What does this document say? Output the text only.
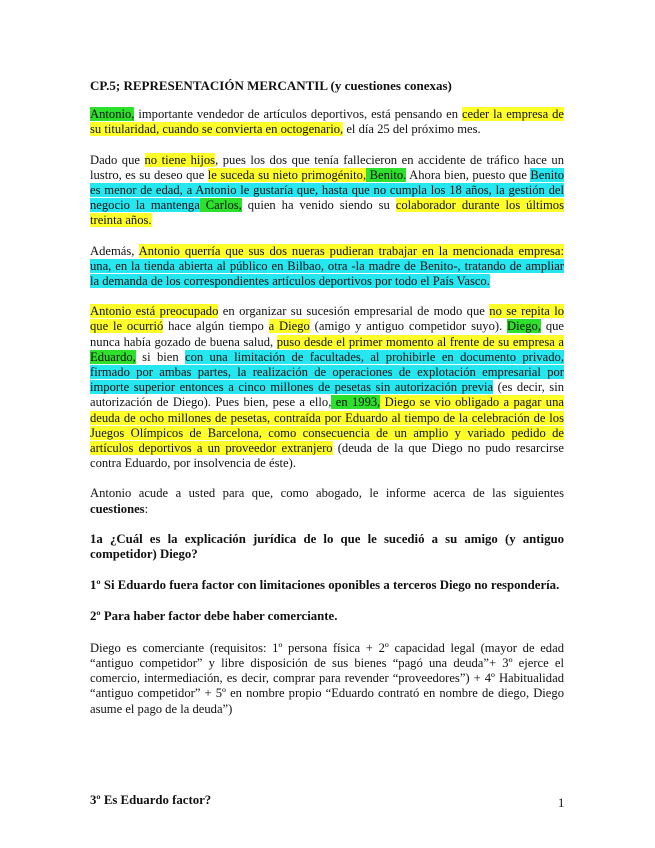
CP.5; REPRESENTACIÓN MERCANTIL (y cuestiones conexas)

Antonio, importante vendedor de artículos deportivos, está pensando en ceder la empresa de su titularidad, cuando se convierta en octogenario, el día 25 del próximo mes.

Dado que no tiene hijos, pues los dos que tenía fallecieron en accidente de tráfico hace un lustro, es su deseo que le suceda su nieto primogénito, Benito. Ahora bien, puesto que Benito es menor de edad, a Antonio le gustaría que, hasta que no cumpla los 18 años, la gestión del negocio la mantenga Carlos, quien ha venido siendo su colaborador durante los últimos treinta años.

Además, Antonio querría que sus dos nueras pudieran trabajar en la mencionada empresa: una, en la tienda abierta al público en Bilbao, otra -la madre de Benito-, tratando de ampliar la demanda de los correspondientes artículos deportivos por todo el País Vasco.

Antonio está preocupado en organizar su sucesión empresarial de modo que no se repita lo que le ocurrió hace algún tiempo a Diego (amigo y antiguo competidor suyo). Diego, que nunca había gozado de buena salud, puso desde el primer momento al frente de su empresa a Eduardo, si bien con una limitación de facultades, al prohibirle en documento privado, firmado por ambas partes, la realización de operaciones de explotación empresarial por importe superior entonces a cinco millones de pesetas sin autorización previa (es decir, sin autorización de Diego). Pues bien, pese a ello, en 1993, Diego se vio obligado a pagar una deuda de ocho millones de pesetas, contraída por Eduardo al tiempo de la celebración de los Juegos Olímpicos de Barcelona, como consecuencia de un amplio y variado pedido de artículos deportivos a un proveedor extranjero (deuda de la que Diego no pudo resarcirse contra Eduardo, por insolvencia de éste).

Antonio acude a usted para que, como abogado, le informe acerca de las siguientes cuestiones:

1a ¿Cuál es la explicación jurídica de lo que le sucedió a su amigo (y antiguo competidor) Diego?

1º Si Eduardo fuera factor con limitaciones oponibles a terceros Diego no respondería.

2º Para haber factor debe haber comerciante.

Diego es comerciante (requisitos: 1º persona física + 2º capacidad legal (mayor de edad “antiguo competidor” y libre disposición de sus bienes “pagó una deuda”+ 3º ejerce el comercio, intermediación, es decir, comprar para revender “proveedores”) + 4º Habitualidad “antiguo competidor” + 5º en nombre propio “Eduardo contrató en nombre de diego, Diego asume el pago de la deuda”)

3º Es Eduardo factor?	1
